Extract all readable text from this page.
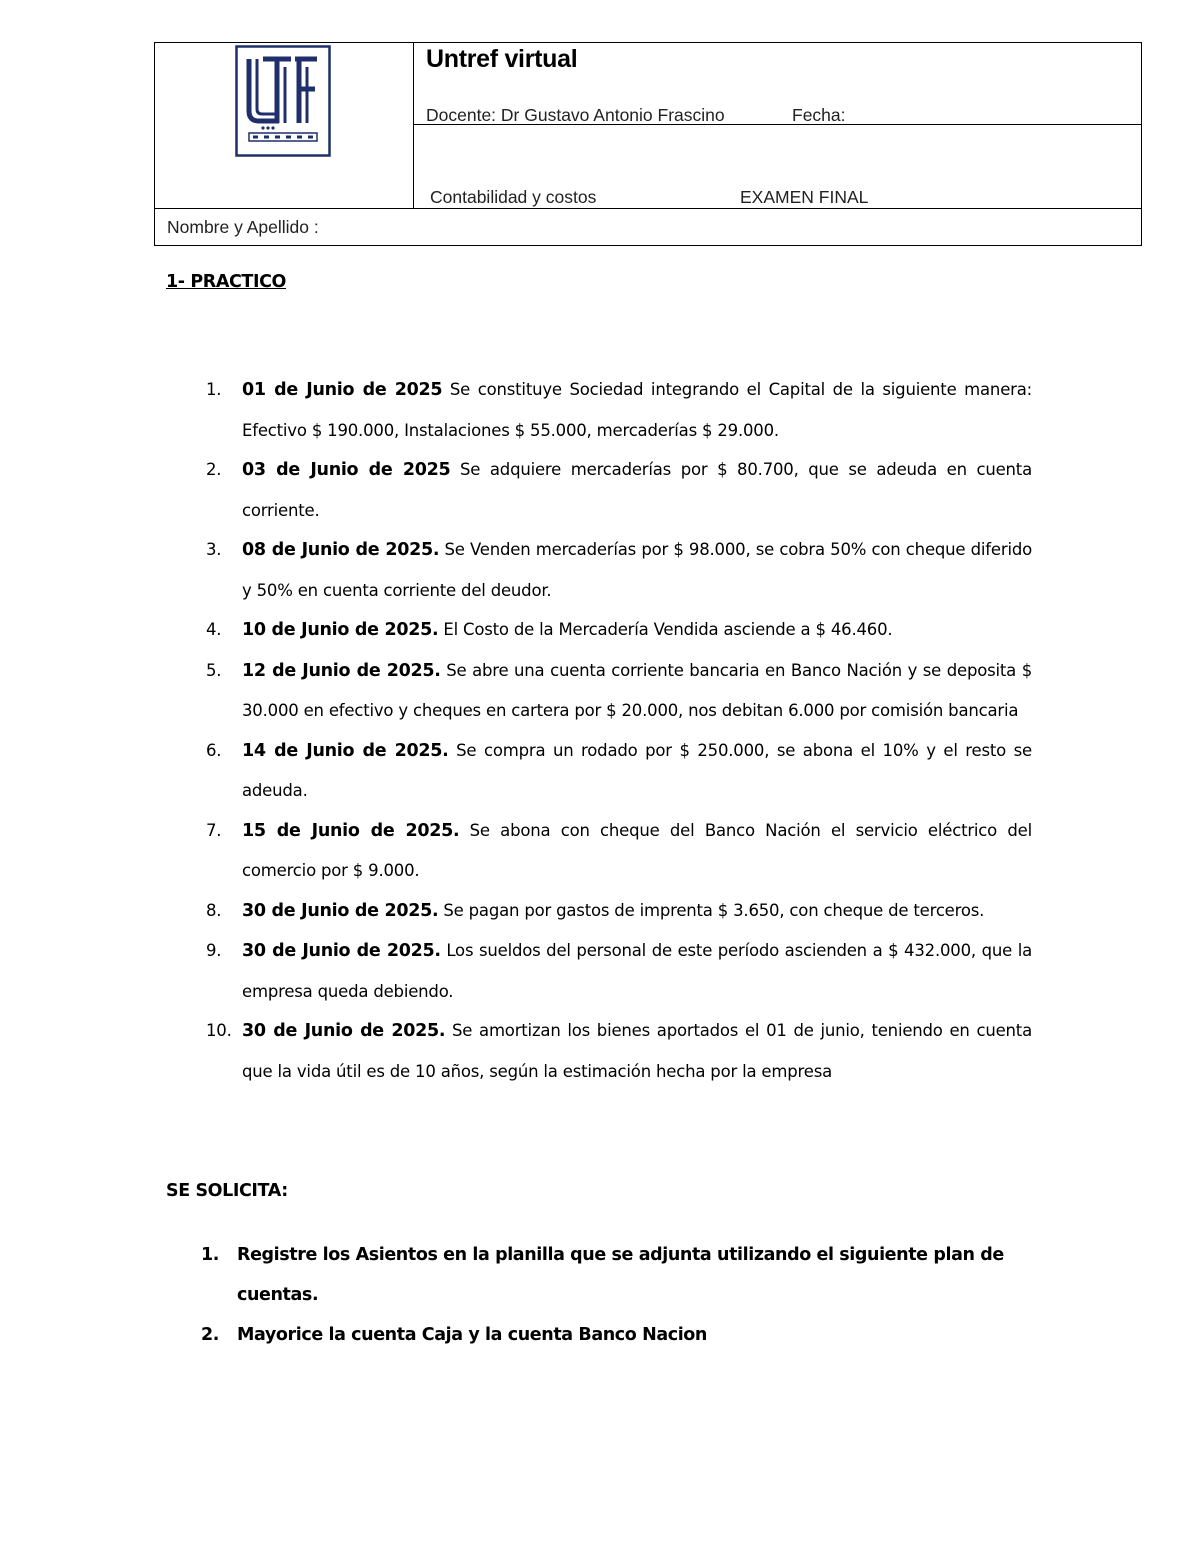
Untref virtual
Docente: Dr Gustavo Antonio Frascino	Fecha:
Contabilidad y costos	EXAMEN FINAL
Nombre y Apellido :
1- PRACTICO
1.	01 de Junio de 2025 Se constituye Sociedad integrando el Capital de la siguiente manera: Efectivo $ 190.000, Instalaciones $ 55.000, mercaderías $ 29.000.
2.	03 de Junio de 2025 Se adquiere mercaderías por $ 80.700, que se adeuda en cuenta corriente.
3.	08 de Junio de 2025. Se Venden mercaderías por $ 98.000, se cobra 50% con cheque diferido y 50% en cuenta corriente del deudor.
4.	10 de Junio de 2025. El Costo de la Mercadería Vendida asciende a $ 46.460.
5.	12 de Junio de 2025. Se abre una cuenta corriente bancaria en Banco Nación y se deposita $ 30.000 en efectivo y cheques en cartera por $ 20.000, nos debitan 6.000 por comisión bancaria
6.	14 de Junio de 2025. Se compra un rodado por $ 250.000, se abona el 10% y el resto se adeuda.
7.	15 de Junio de 2025. Se abona con cheque del Banco Nación el servicio eléctrico del comercio por $ 9.000.
8.	30 de Junio de 2025. Se pagan por gastos de imprenta $ 3.650, con cheque de terceros.
9.	30 de Junio de 2025. Los sueldos del personal de este período ascienden a $ 432.000, que la empresa queda debiendo.
10. 30 de Junio de 2025. Se amortizan los bienes aportados el 01 de junio, teniendo en cuenta que la vida útil es de 10 años, según la estimación hecha por la empresa
SE SOLICITA:
1. Registre los Asientos en la planilla que se adjunta utilizando el siguiente plan de cuentas.
2. Mayorice la cuenta Caja y la cuenta Banco Nacion
